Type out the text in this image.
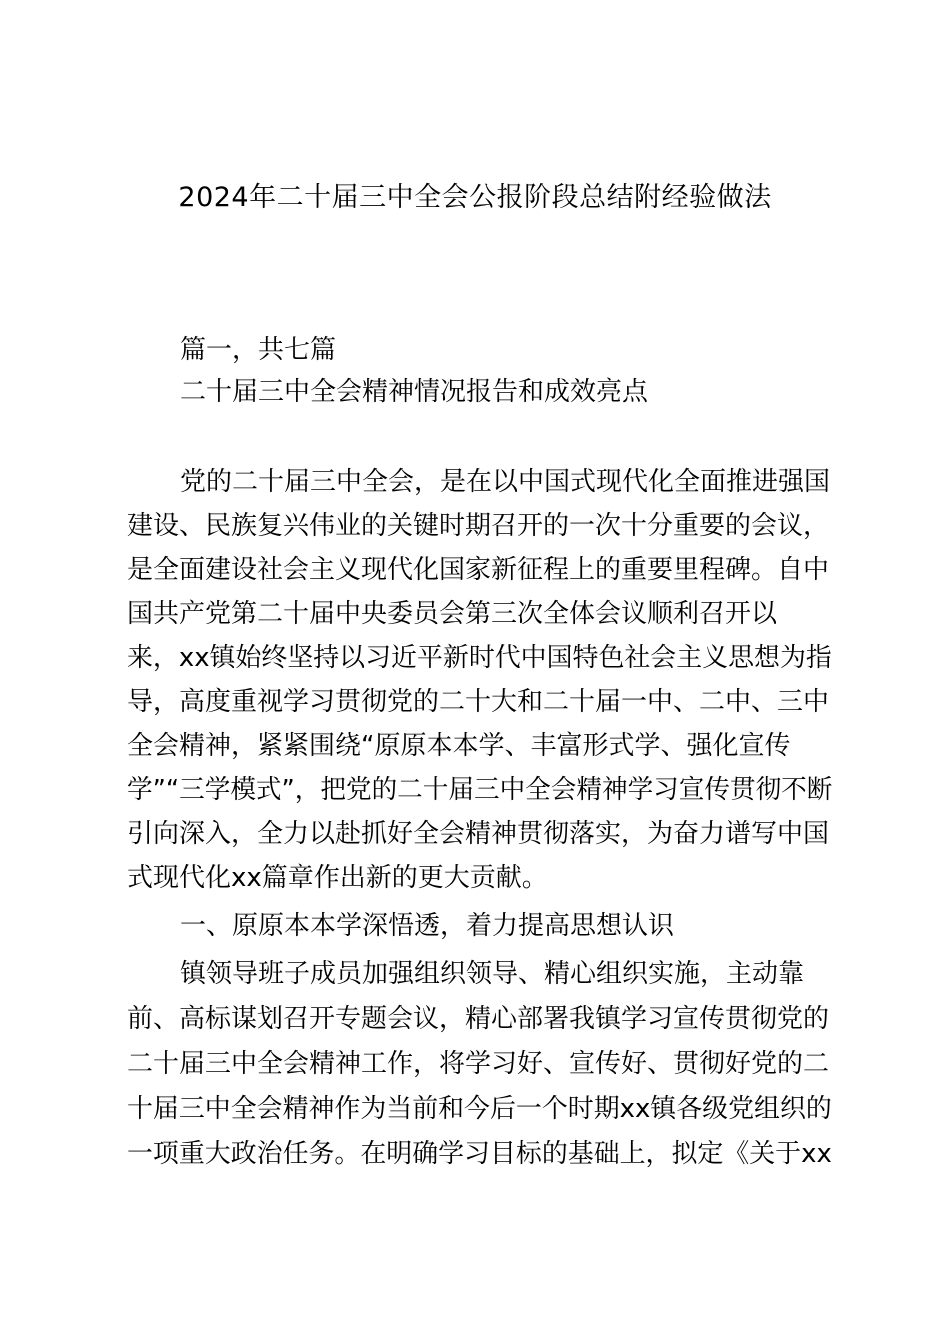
2024年二十届三中全会公报阶段总结附经验做法
篇一，共七篇
二十届三中全会精神情况报告和成效亮点
党的二十届三中全会，是在以中国式现代化全面推进强国
建设、民族复兴伟业的关键时期召开的一次十分重要的会议，
是全面建设社会主义现代化国家新征程上的重要里程碑。自中
国共产党第二十届中央委员会第三次全体会议顺利召开以
来，xx镇始终坚持以习近平新时代中国特色社会主义思想为指
导，高度重视学习贯彻党的二十大和二十届一中、二中、三中
全会精神，紧紧围绕“原原本本学、丰富形式学、强化宣传
学”“三学模式”，把党的二十届三中全会精神学习宣传贯彻不断
引向深入，全力以赴抓好全会精神贯彻落实，为奋力谱写中国
式现代化xx篇章作出新的更大贡献。
一、原原本本学深悟透，着力提高思想认识
镇领导班子成员加强组织领导、精心组织实施，主动靠
前、高标谋划召开专题会议，精心部署我镇学习宣传贯彻党的
二十届三中全会精神工作，将学习好、宣传好、贯彻好党的二
十届三中全会精神作为当前和今后一个时期xx镇各级党组织的
一项重大政治任务。在明确学习目标的基础上，拟定《关于xx
